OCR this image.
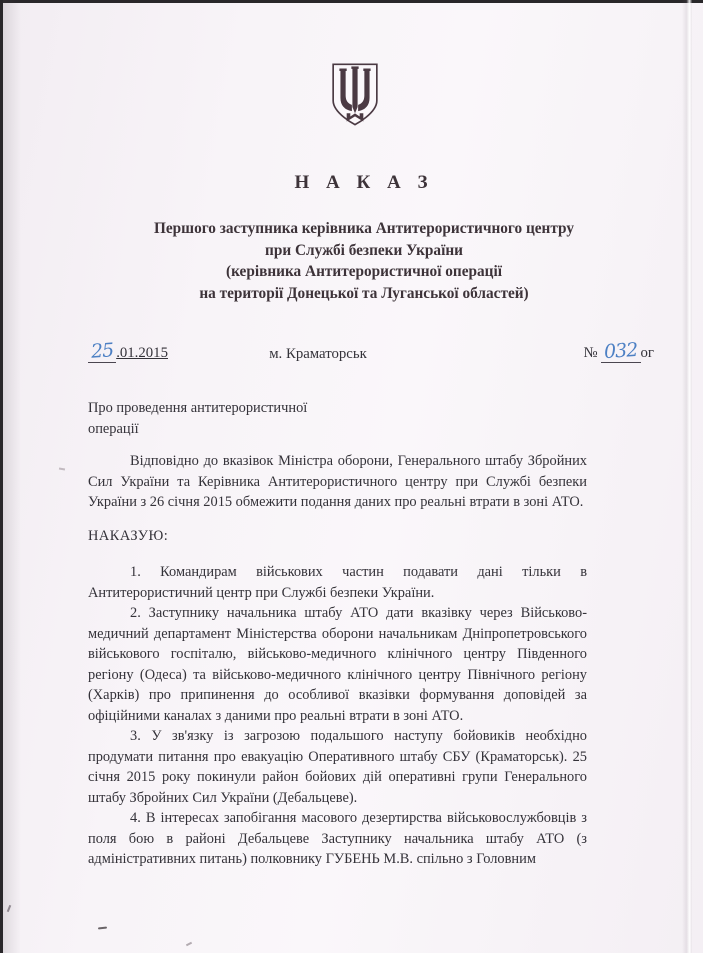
Н А К А З
Першого заступника керівника Антитерористичного центру
при Службі безпеки України
(керівника Антитерористичної операції
на території Донецької та Луганської областей)
25 .01.2015	м. Краматорськ	№ 032 ог
Про проведення антитерористичної операції

Відповідно до вказівок Міністра оборони, Генерального штабу Збройних Сил України та Керівника Антитерористичного центру при Службі безпеки України з 26 січня 2015 обмежити подання даних про реальні втрати в зоні АТО.

НАКАЗУЮ:

1. Командирам військових частин подавати дані тільки в Антитерористичний центр при Службі безпеки України.

2. Заступнику начальника штабу АТО дати вказівку через Військово-медичний департамент Міністерства оборони начальникам Дніпропетровського військового госпіталю, військово-медичного клінічного центру Південного регіону (Одеса) та військово-медичного клінічного центру Північного регіону (Харків) про припинення до особливої вказівки формування доповідей за офіційними каналах з даними про реальні втрати в зоні АТО.

3. У зв'язку із загрозою подальшого наступу бойовиків необхідно продумати питання про евакуацію Оперативного штабу СБУ (Краматорськ). 25 січня 2015 року покинули район бойових дій оперативні групи Генерального штабу Збройних Сил України (Дебальцеве).

4. В інтересах запобігання масового дезертирства військовослужбовців з поля бою в районі Дебальцеве Заступнику начальника штабу АТО (з адміністративних питань) полковнику ГУБЕНЬ М.В. спільно з Головним
